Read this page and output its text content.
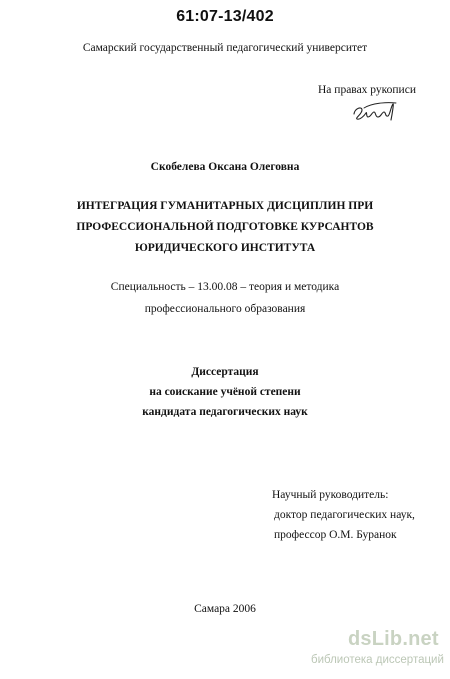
61:07-13/402
Самарский государственный педагогический университет
На правах рукописи
Скобелева Оксана Олеговна
ИНТЕГРАЦИЯ ГУМАНИТАРНЫХ ДИСЦИПЛИН ПРИ
ПРОФЕССИОНАЛЬНОЙ ПОДГОТОВКЕ КУРСАНТОВ
ЮРИДИЧЕСКОГО ИНСТИТУТА
Специальность – 13.00.08 – теория и методика
профессионального образования
Диссертация
на соискание учёной степени
кандидата педагогических наук
Научный руководитель:
доктор педагогических наук,
профессор О.М. Буранок
Самара 2006
dsLib.net
библиотека диссертаций
